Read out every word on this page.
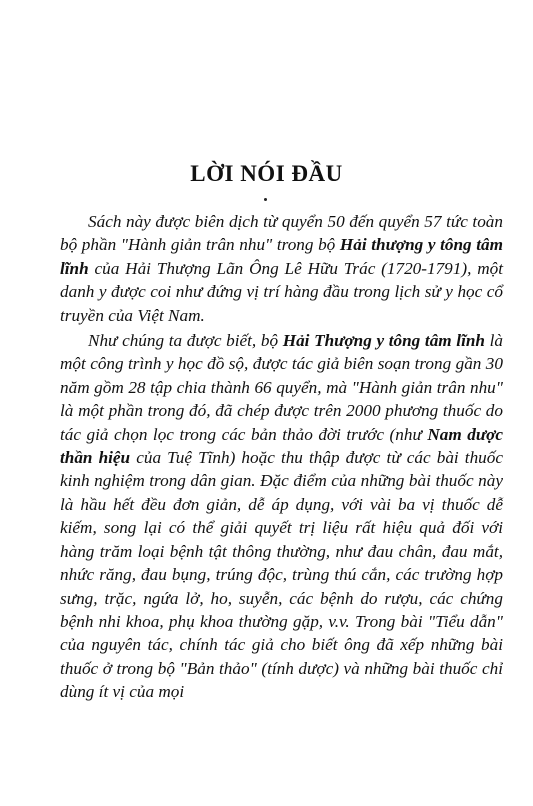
LỜI NÓI ĐẦU

Sách này được biên dịch từ quyển 50 đến quyển 57 tức toàn bộ phần "Hành giản trân nhu" trong bộ Hải thượng y tông tâm lĩnh của Hải Thượng Lãn Ông Lê Hữu Trác (1720-1791), một danh y được coi như đứng vị trí hàng đầu trong lịch sử y học cổ truyền của Việt Nam.

Như chúng ta được biết, bộ Hải Thượng y tông tâm lĩnh là một công trình y học đồ sộ, được tác giả biên soạn trong gần 30 năm gồm 28 tập chia thành 66 quyển, mà "Hành giản trân nhu" là một phần trong đó, đã chép được trên 2000 phương thuốc do tác giả chọn lọc trong các bản thảo đời trước (như Nam dược thần hiệu của Tuệ Tĩnh) hoặc thu thập được từ các bài thuốc kinh nghiệm trong dân gian. Đặc điểm của những bài thuốc này là hầu hết đều đơn giản, dễ áp dụng, với vài ba vị thuốc dễ kiếm, song lại có thể giải quyết trị liệu rất hiệu quả đối với hàng trăm loại bệnh tật thông thường, như đau chân, đau mắt, nhức răng, đau bụng, trúng độc, trùng thú cắn, các trường hợp sưng, trặc, ngứa lở, ho, suyễn, các bệnh do rượu, các chứng bệnh nhi khoa, phụ khoa thường gặp, v.v. Trong bài "Tiểu dẫn" của nguyên tác, chính tác giả cho biết ông đã xếp những bài thuốc ở trong bộ "Bản thảo" (tính dược) và những bài thuốc chỉ dùng ít vị của mọi
